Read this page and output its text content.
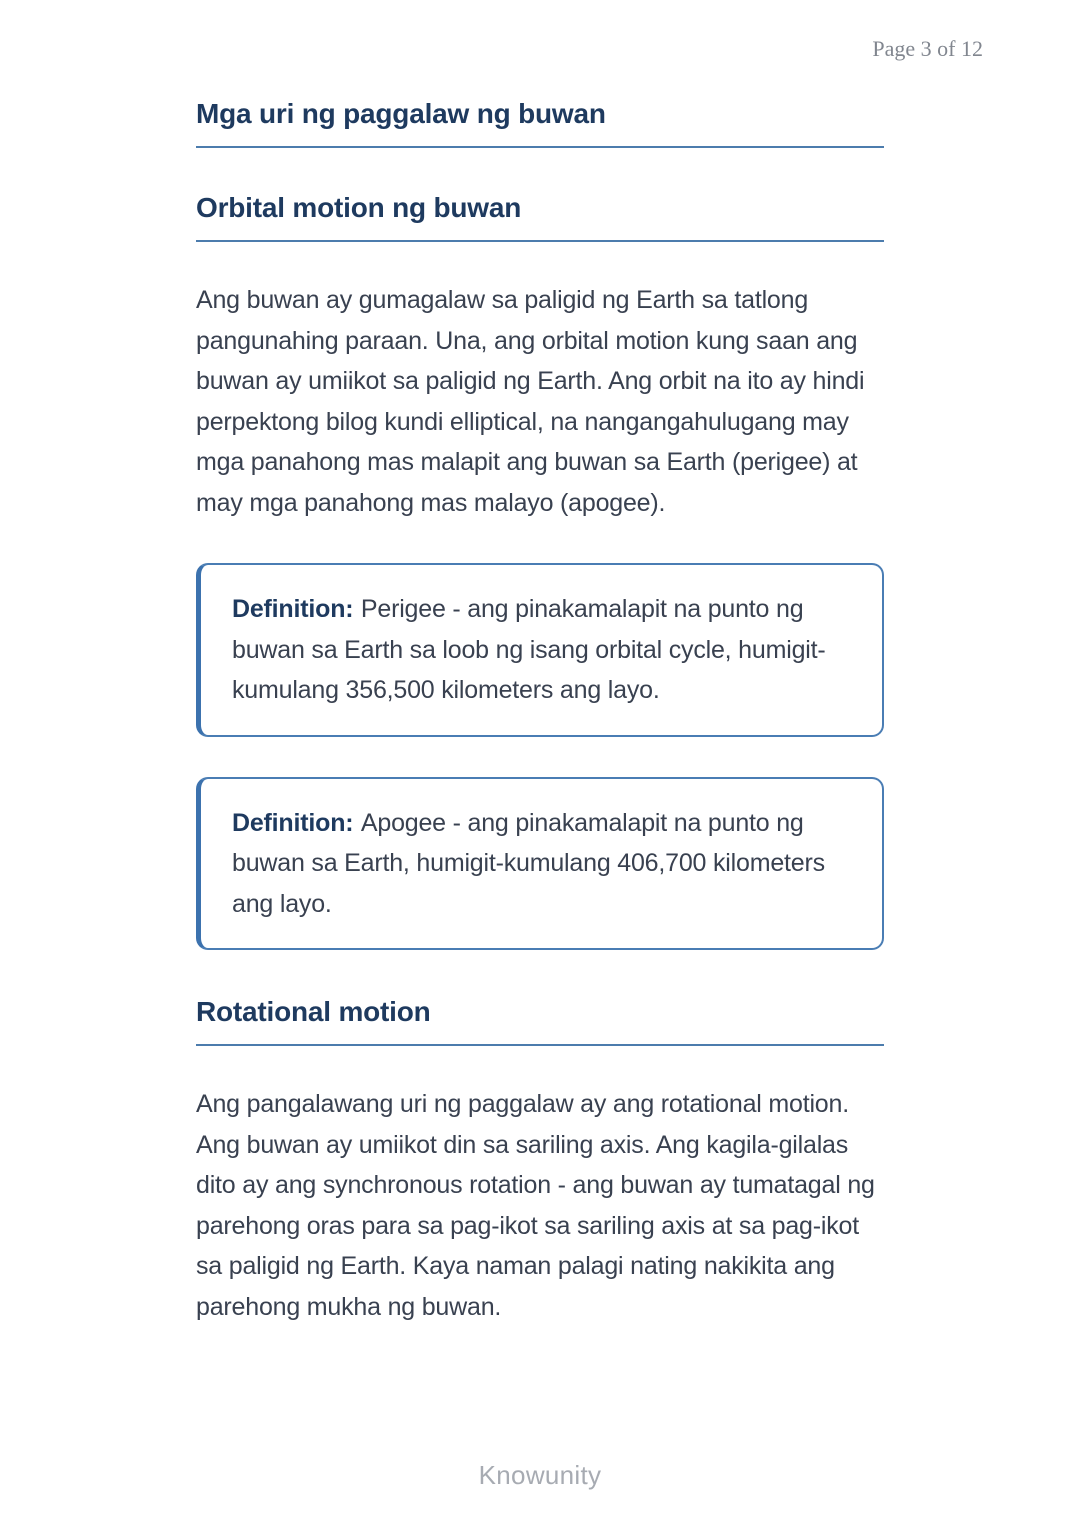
Page 3 of 12
Mga uri ng paggalaw ng buwan
Orbital motion ng buwan

Ang buwan ay gumagalaw sa paligid ng Earth sa tatlong pangunahing paraan. Una, ang orbital motion kung saan ang buwan ay umiikot sa paligid ng Earth. Ang orbit na ito ay hindi perpektong bilog kundi elliptical, na nangangahulugang may mga panahong mas malapit ang buwan sa Earth (perigee) at may mga panahong mas malayo (apogee).

Definition: Perigee - ang pinakamalapit na punto ng buwan sa Earth sa loob ng isang orbital cycle, humigit-kumulang 356,500 kilometers ang layo.

Definition: Apogee - ang pinakamalapit na punto ng buwan sa Earth, humigit-kumulang 406,700 kilometers ang layo.

Rotational motion

Ang pangalawang uri ng paggalaw ay ang rotational motion. Ang buwan ay umiikot din sa sariling axis. Ang kagila-gilalas dito ay ang synchronous rotation - ang buwan ay tumatagal ng parehong oras para sa pag-ikot sa sariling axis at sa pag-ikot sa paligid ng Earth. Kaya naman palagi nating nakikita ang parehong mukha ng buwan.

Knowunity
